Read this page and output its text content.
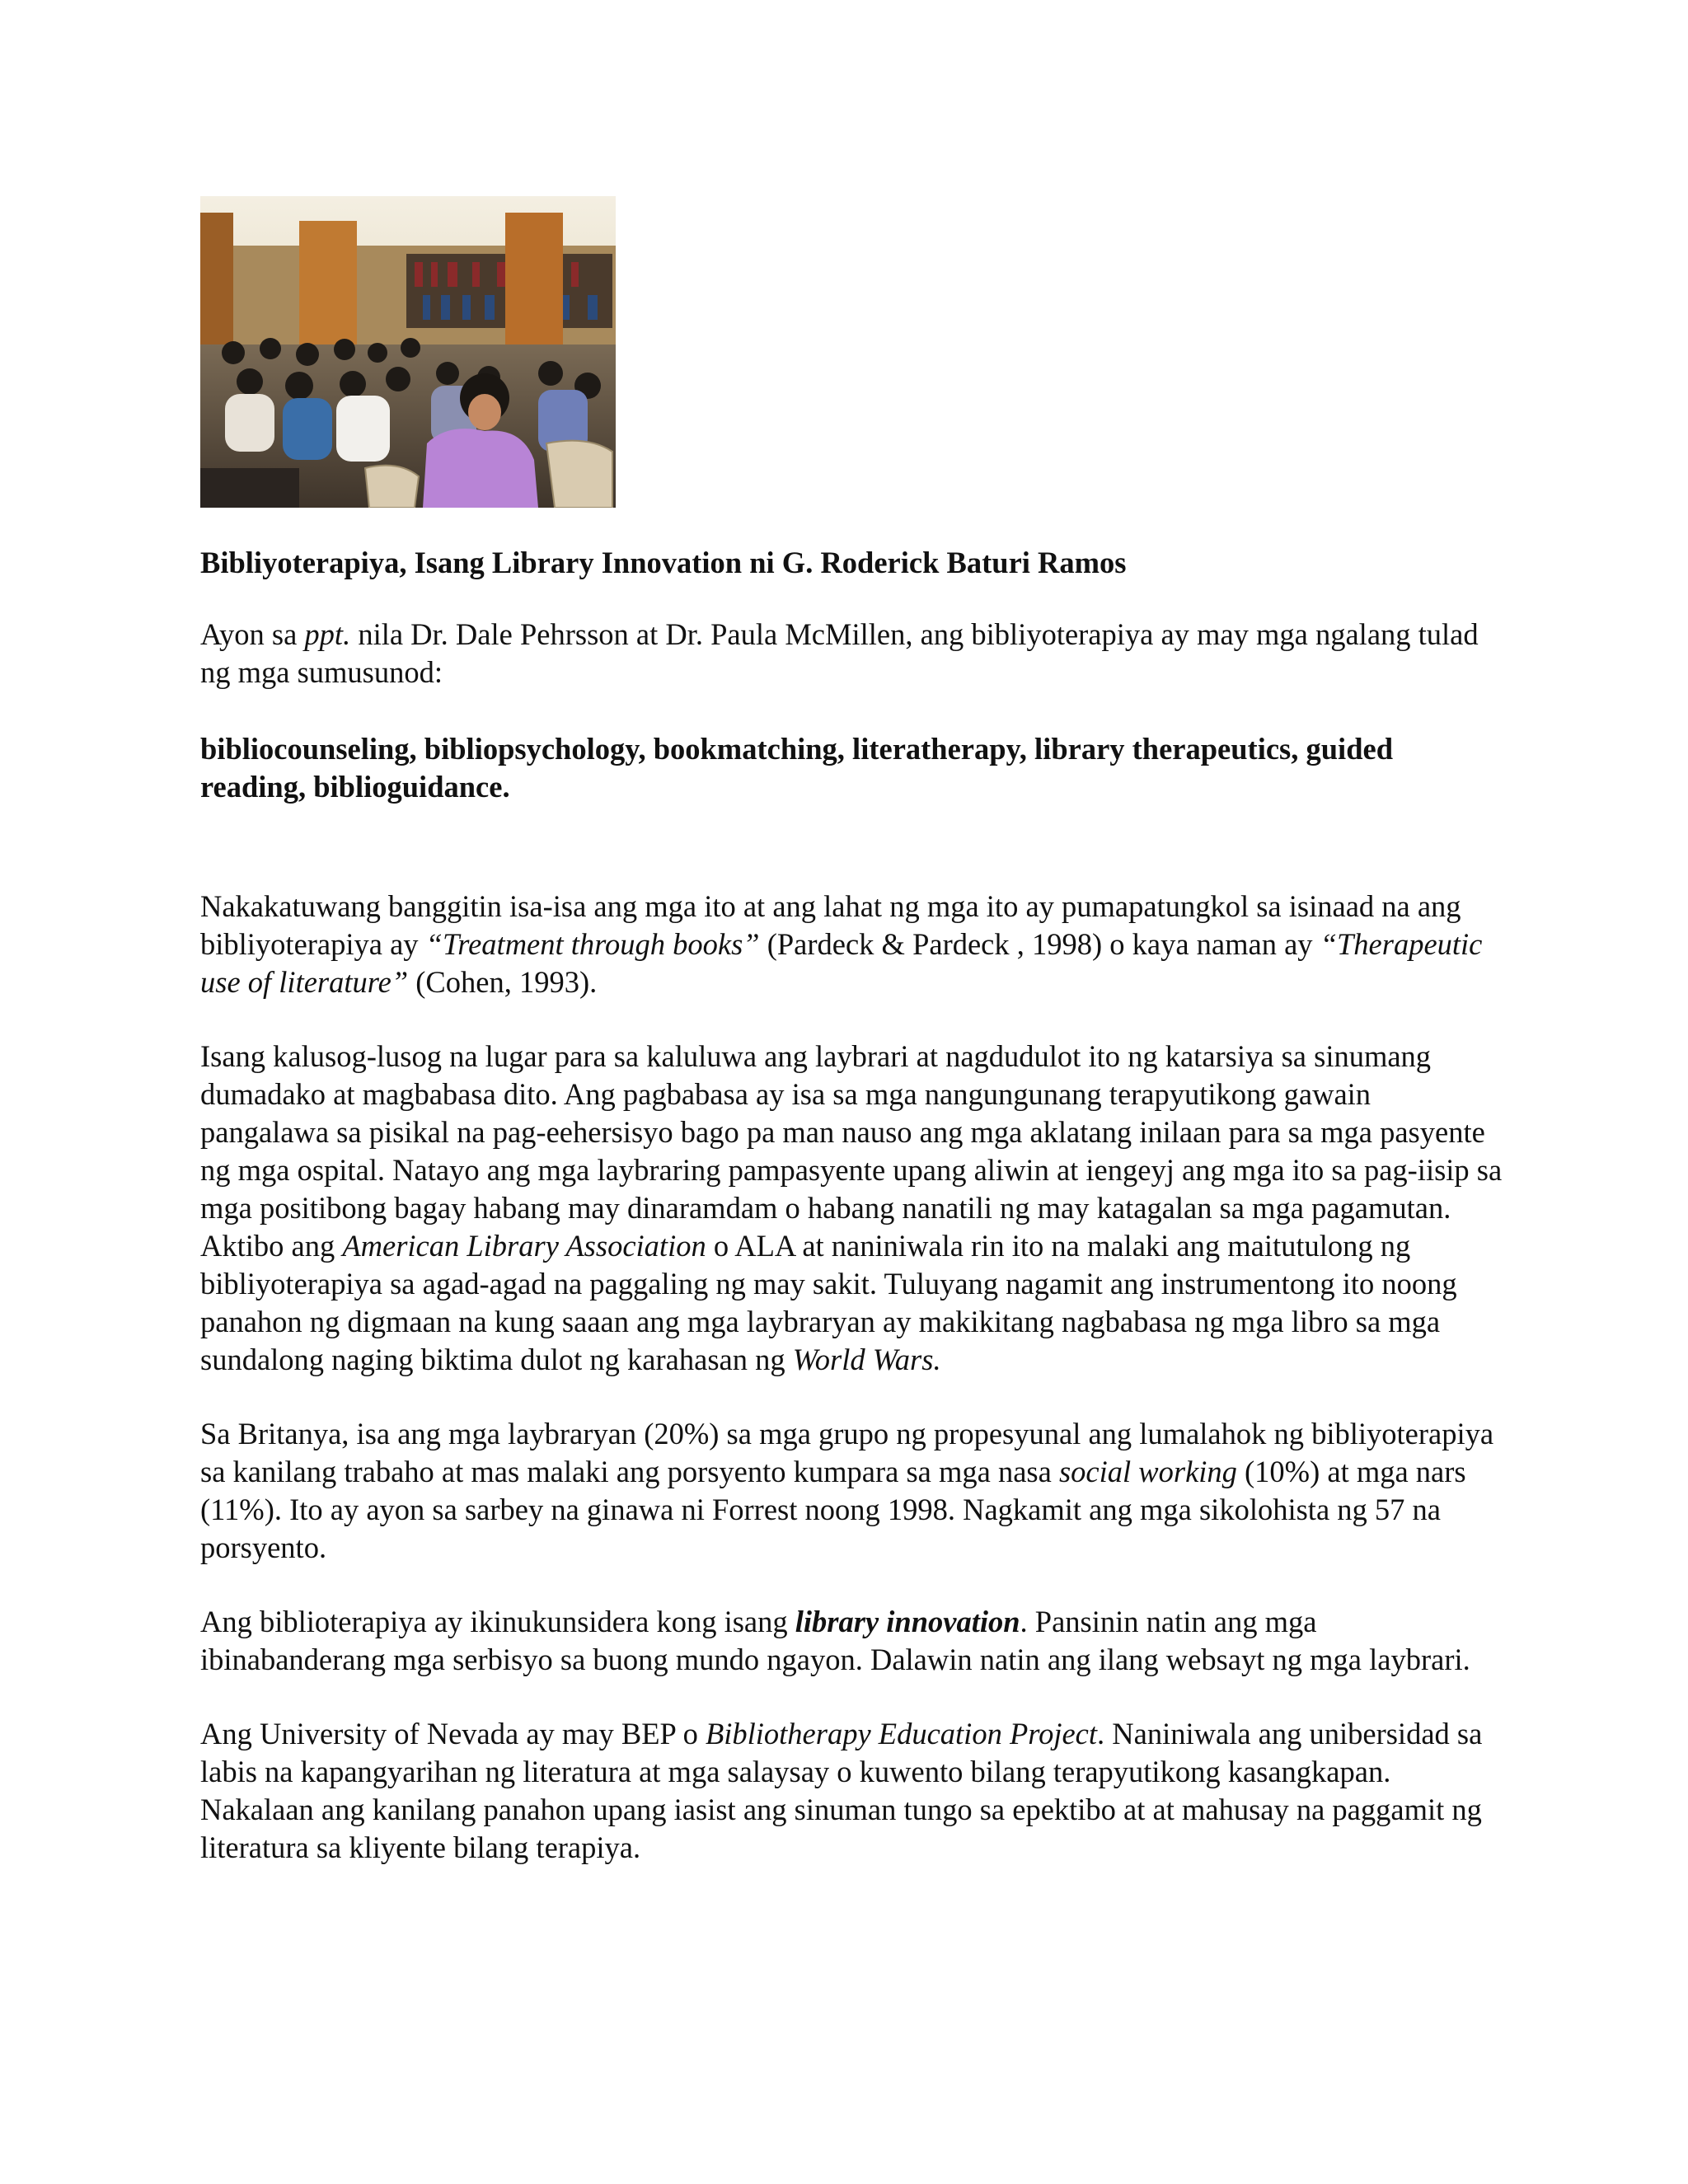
Bibliyoterapiya, Isang Library Innovation ni G. Roderick Baturi Ramos

Ayon sa ppt. nila Dr. Dale Pehrsson at Dr. Paula McMillen, ang bibliyoterapiya ay may mga ngalang tulad ng mga sumusunod:

bibliocounseling, bibliopsychology, bookmatching, literatherapy, library therapeutics, guided reading, biblioguidance.

Nakakatuwang banggitin isa-isa ang mga ito at ang lahat ng mga ito ay pumapatungkol sa isinaad na ang bibliyoterapiya ay “Treatment through books” (Pardeck & Pardeck , 1998) o kaya naman ay “Therapeutic use of literature” (Cohen, 1993).

Isang kalusog-lusog na lugar para sa kaluluwa ang laybrari at nagdudulot ito ng katarsiya sa sinumang dumadako at magbabasa dito. Ang pagbabasa ay isa sa mga nangungunang terapyutikong gawain pangalawa sa pisikal na pag-eehersisyo bago pa man nauso ang mga aklatang inilaan para sa mga pasyente ng mga ospital. Natayo ang mga laybraring pampasyente upang aliwin at iengeyj ang mga ito sa pag-iisip sa mga positibong bagay habang may dinaramdam o habang nanatili ng may katagalan sa mga pagamutan. Aktibo ang American Library Association o ALA at naniniwala rin ito na malaki ang maitutulong ng bibliyoterapiya sa agad-agad na paggaling ng may sakit. Tuluyang nagamit ang instrumentong ito noong panahon ng digmaan na kung saaan ang mga laybraryan ay makikitang nagbabasa ng mga libro sa mga sundalong naging biktima dulot ng karahasan ng World Wars.

Sa Britanya, isa ang mga laybraryan (20%) sa mga grupo ng propesyunal ang lumalahok ng bibliyoterapiya sa kanilang trabaho at mas malaki ang porsyento kumpara sa mga nasa social working (10%) at mga nars (11%). Ito ay ayon sa sarbey na ginawa ni Forrest noong 1998. Nagkamit ang mga sikolohista ng 57 na porsyento.

Ang biblioterapiya ay ikinukunsidera kong isang library innovation. Pansinin natin ang mga ibinabanderang mga serbisyo sa buong mundo ngayon. Dalawin natin ang ilang websayt ng mga laybrari.

Ang University of Nevada ay may BEP o Bibliotherapy Education Project. Naniniwala ang unibersidad sa labis na kapangyarihan ng literatura at mga salaysay o kuwento bilang terapyutikong kasangkapan. Nakalaan ang kanilang panahon upang iasist ang sinuman tungo sa epektibo at at mahusay na paggamit ng literatura sa kliyente bilang terapiya.
